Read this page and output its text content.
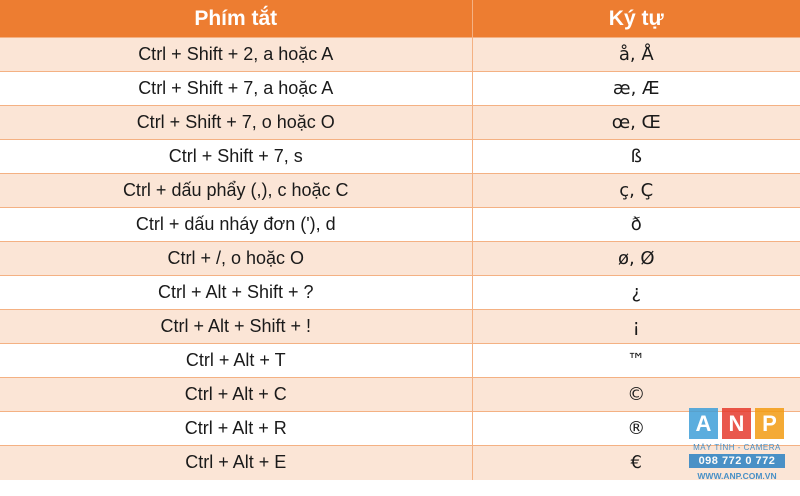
Phím tắt	Ký tự
Ctrl + Shift + 2, a hoặc A	å, Å
Ctrl + Shift + 7, a hoặc A	æ, Æ
Ctrl + Shift + 7, o hoặc O	œ, Œ
Ctrl + Shift + 7, s	ß
Ctrl + dấu phẩy (,), c hoặc C	ç, Ç
Ctrl + dấu nháy đơn ('), d	ð
Ctrl + /, o hoặc O	ø, Ø
Ctrl + Alt + Shift + ?	¿
Ctrl + Alt + Shift + !	¡
Ctrl + Alt + T	™
Ctrl + Alt + C	©
Ctrl + Alt + R	®
Ctrl + Alt + E	€
A N P
MÁY TÍNH - CAMERA
098 772 0 772
WWW.ANP.COM.VN
